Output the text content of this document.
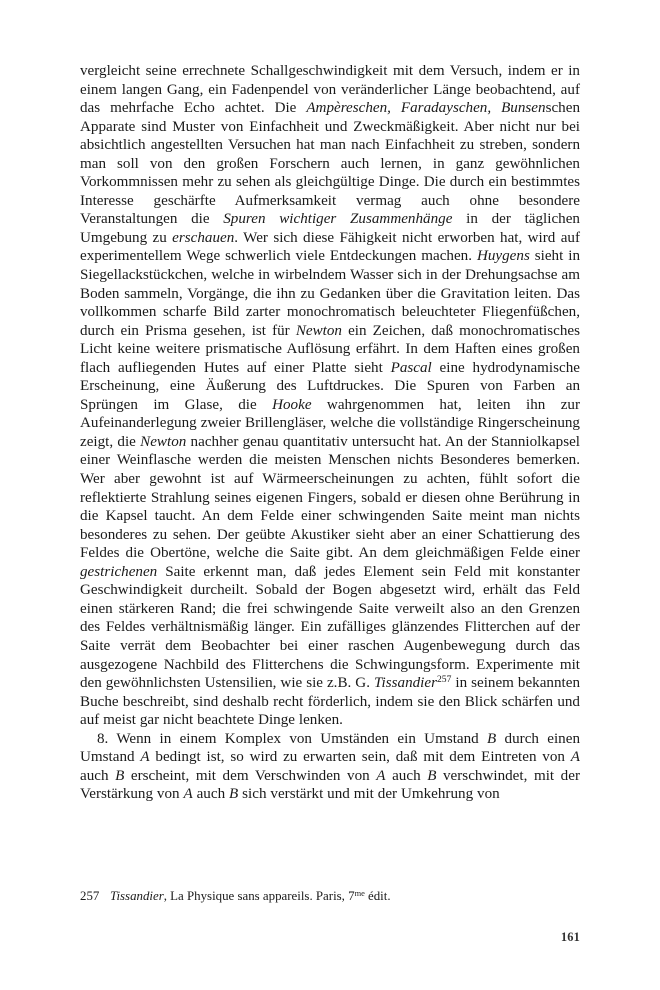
vergleicht seine errechnete Schallgeschwindigkeit mit dem Versuch, indem er in einem langen Gang, ein Fadenpendel von veränderlicher Länge beobachtend, auf das mehrfache Echo achtet. Die Ampèreschen, Faradayschen, Bunsenschen Apparate sind Muster von Einfachheit und Zweckmäßigkeit. Aber nicht nur bei absichtlich angestellten Versuchen hat man nach Einfachheit zu streben, sondern man soll von den großen Forschern auch lernen, in ganz gewöhnlichen Vorkommnissen mehr zu sehen als gleichgültige Dinge. Die durch ein bestimmtes Interesse geschärfte Aufmerksamkeit vermag auch ohne besondere Veranstaltungen die Spuren wichtiger Zusammenhänge in der täglichen Umgebung zu erschauen. Wer sich diese Fähigkeit nicht erworben hat, wird auf experimentellem Wege schwerlich viele Entdeckungen machen. Huygens sieht in Siegellackstückchen, welche in wirbelndem Wasser sich in der Drehungsachse am Boden sammeln, Vorgänge, die ihn zu Gedanken über die Gravitation leiten. Das vollkommen scharfe Bild zarter monochromatisch beleuchteter Fliegenfüßchen, durch ein Prisma gesehen, ist für Newton ein Zeichen, daß monochromatisches Licht keine weitere prismatische Auflösung erfährt. In dem Haften eines großen flach aufliegenden Hutes auf einer Platte sieht Pascal eine hydrodynamische Erscheinung, eine Äußerung des Luftdruckes. Die Spuren von Farben an Sprüngen im Glase, die Hooke wahrgenommen hat, leiten ihn zur Aufeinanderlegung zweier Brillengläser, welche die vollständige Ringerscheinung zeigt, die Newton nachher genau quantitativ untersucht hat. An der Stanniolkapsel einer Weinflasche werden die meisten Menschen nichts Besonderes bemerken. Wer aber gewohnt ist auf Wärmeerscheinungen zu achten, fühlt sofort die reflektierte Strahlung seines eigenen Fingers, sobald er diesen ohne Berührung in die Kapsel taucht. An dem Felde einer schwingenden Saite meint man nichts besonderes zu sehen. Der geübte Akustiker sieht aber an einer Schattierung des Feldes die Obertöne, welche die Saite gibt. An dem gleichmäßigen Felde einer gestrichenen Saite erkennt man, daß jedes Element sein Feld mit konstanter Geschwindigkeit durcheilt. Sobald der Bogen abgesetzt wird, erhält das Feld einen stärkeren Rand; die frei schwingende Saite verweilt also an den Grenzen des Feldes verhältnismäßig länger. Ein zufälliges glänzendes Flitterchen auf der Saite verrät dem Beobachter bei einer raschen Augenbewegung durch das ausgezogene Nachbild des Flitterchens die Schwingungsform. Experimente mit den gewöhnlichsten Ustensilien, wie sie z.B. G. Tissandier$^{257}$ in seinem bekannten Buche beschreibt, sind deshalb recht förderlich, indem sie den Blick schärfen und auf meist gar nicht beachtete Dinge lenken.

8. Wenn in einem Komplex von Umständen ein Umstand B durch einen Umstand A bedingt ist, so wird zu erwarten sein, daß mit dem Eintreten von A auch B erscheint, mit dem Verschwinden von A auch B verschwindet, mit der Verstärkung von A auch B sich verstärkt und mit der Umkehrung von

257 Tissandier, La Physique sans appareils. Paris, $7^{me}$ édit.

161
